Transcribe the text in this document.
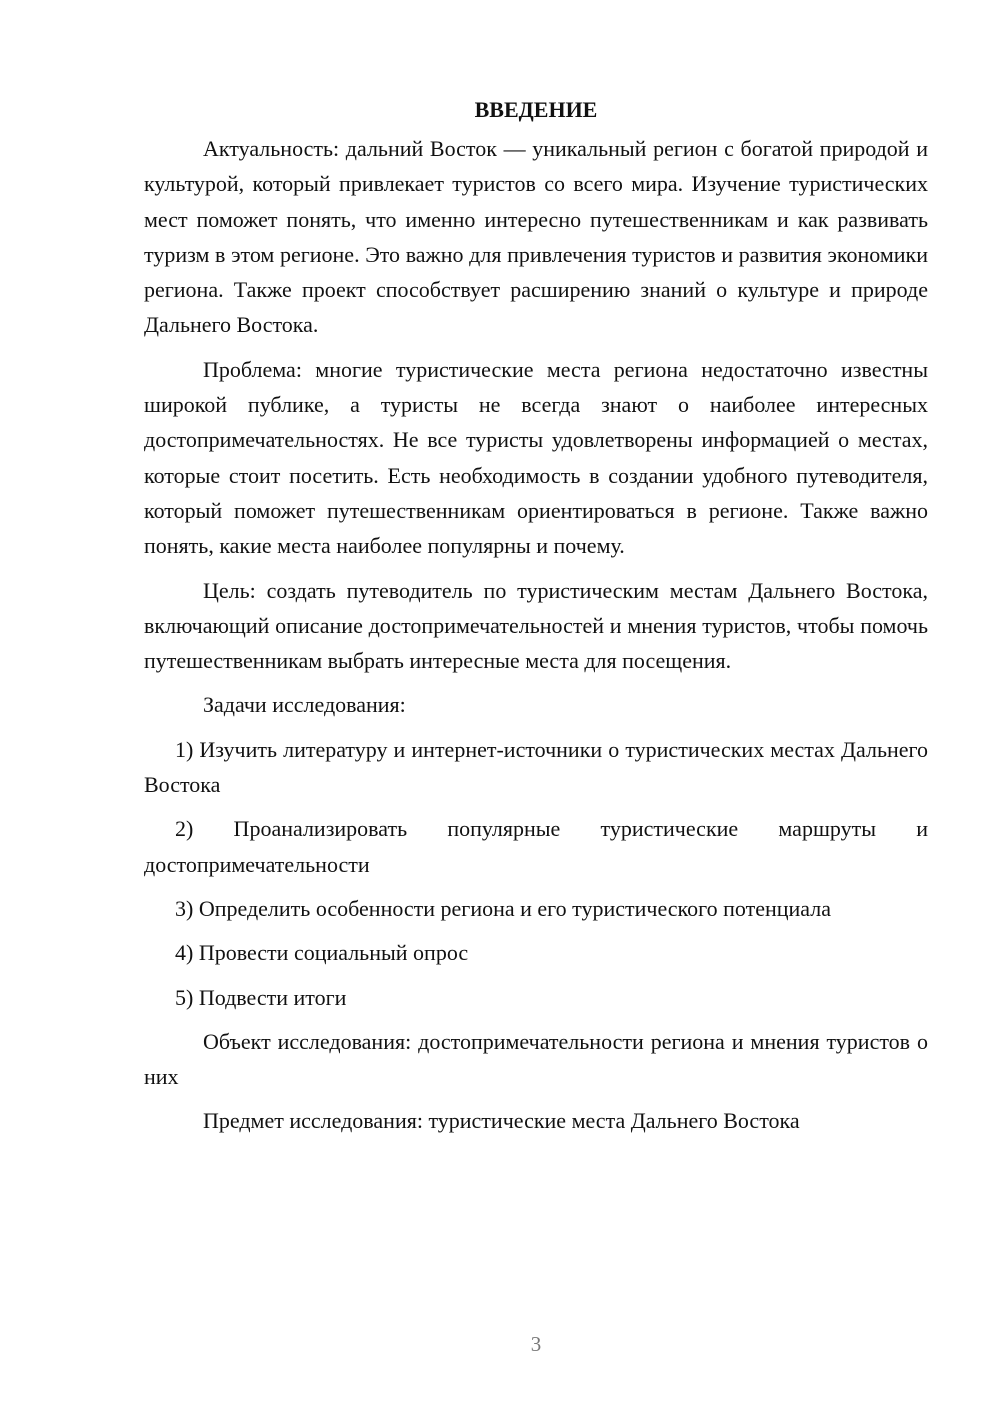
ВВЕДЕНИЕ

Актуальность: дальний Восток — уникальный регион с богатой природой и культурой, который привлекает туристов со всего мира. Изучение туристических мест поможет понять, что именно интересно путешественникам и как развивать туризм в этом регионе. Это важно для привлечения туристов и развития экономики региона. Также проект способствует расширению знаний о культуре и природе Дальнего Востока.

Проблема: многие туристические места региона недостаточно известны широкой публике, а туристы не всегда знают о наиболее интересных достопримечательностях. Не все туристы удовлетворены информацией о местах, которые стоит посетить. Есть необходимость в создании удобного путеводителя, который поможет путешественникам ориентироваться в регионе. Также важно понять, какие места наиболее популярны и почему.

Цель: создать путеводитель по туристическим местам Дальнего Востока, включающий описание достопримечательностей и мнения туристов, чтобы помочь путешественникам выбрать интересные места для посещения.

Задачи исследования:

1) Изучить литературу и интернет-источники о туристических местах Дальнего Востока

2) Проанализировать популярные туристические маршруты и достопримечательности

3) Определить особенности региона и его туристического потенциала

4) Провести социальный опрос

5) Подвести итоги

Объект исследования: достопримечательности региона и мнения туристов о них

Предмет исследования: туристические места Дальнего Востока

3
